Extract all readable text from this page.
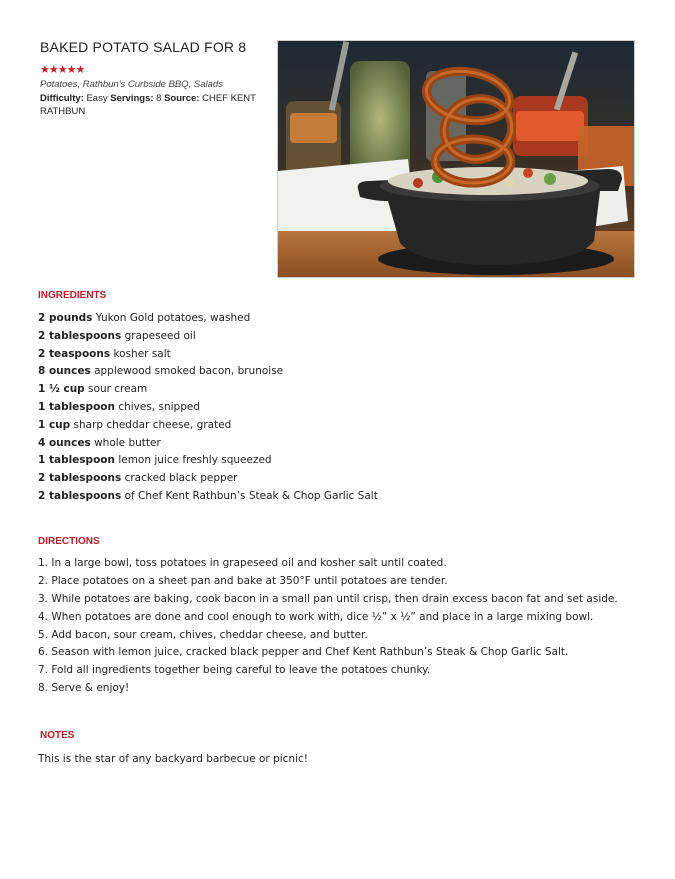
BAKED POTATO SALAD FOR 8
★★★★★
Potatoes, Rathbun's Curbside BBQ, Salads
Difficulty: Easy Servings: 8 Source: CHEF KENT RATHBUN
INGREDIENTS
2 pounds Yukon Gold potatoes, washed
2 tablespoons grapeseed oil
2 teaspoons kosher salt
8 ounces applewood smoked bacon, brunoise
1 ½ cup sour cream
1 tablespoon chives, snipped
1 cup sharp cheddar cheese, grated
4 ounces whole butter
1 tablespoon lemon juice freshly squeezed
2 tablespoons cracked black pepper
2 tablespoons of Chef Kent Rathbun’s Steak & Chop Garlic Salt
DIRECTIONS
1. In a large bowl, toss potatoes in grapeseed oil and kosher salt until coated.
2. Place potatoes on a sheet pan and bake at 350°F until potatoes are tender.
3. While potatoes are baking, cook bacon in a small pan until crisp, then drain excess bacon fat and set aside.
4. When potatoes are done and cool enough to work with, dice ½” x ½” and place in a large mixing bowl.
5. Add bacon, sour cream, chives, cheddar cheese, and butter.
6. Season with lemon juice, cracked black pepper and Chef Kent Rathbun’s Steak & Chop Garlic Salt.
7. Fold all ingredients together being careful to leave the potatoes chunky.
8. Serve & enjoy!
NOTES
This is the star of any backyard barbecue or picnic!
